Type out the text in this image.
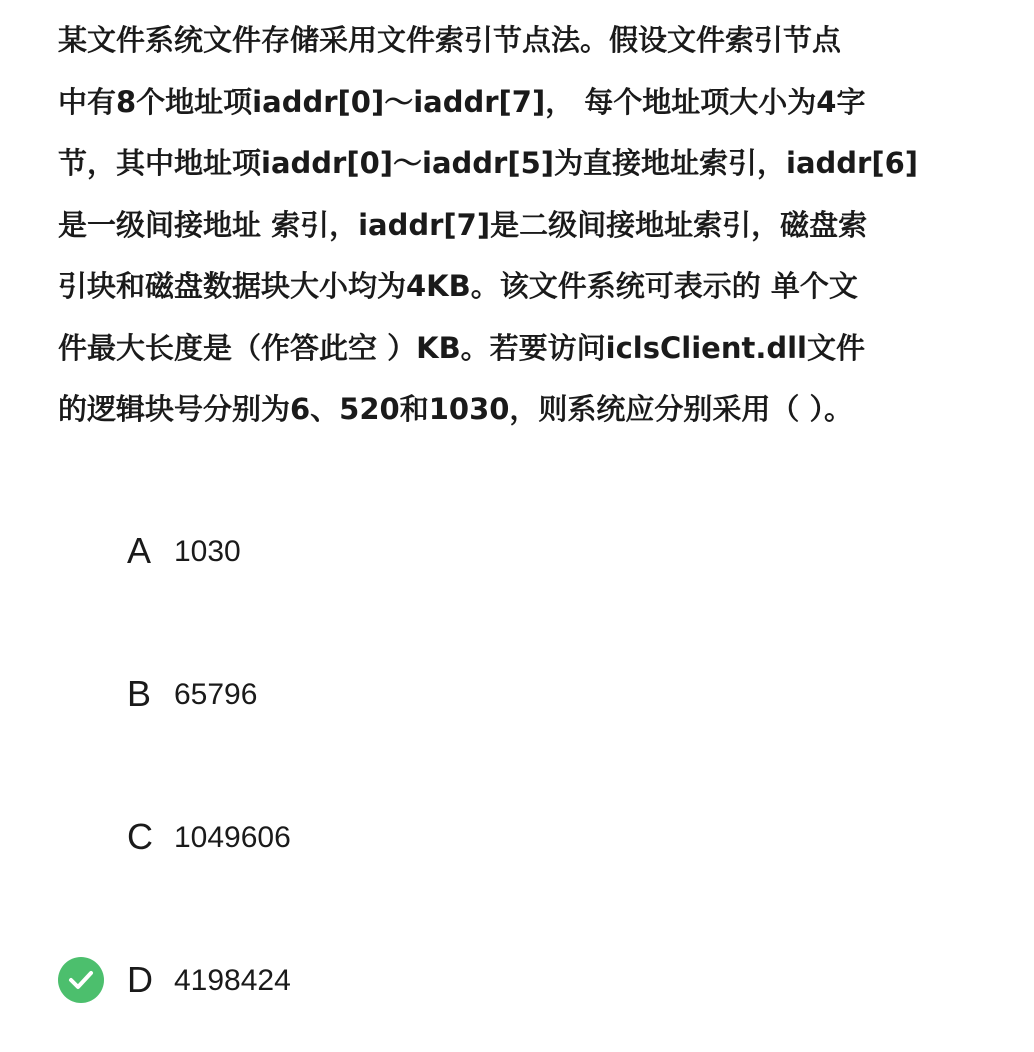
某文件系统文件存储采用文件索引节点法。假设文件索引节点
中有8个地址项iaddr[0]～iaddr[7]， 每个地址项大小为4字
节，其中地址项iaddr[0]～iaddr[5]为直接地址索引，iaddr[6]
是一级间接地址 索引，iaddr[7]是二级间接地址索引，磁盘索
引块和磁盘数据块大小均为4KB。该文件系统可表示的 单个文
件最大长度是（作答此空 ）KB。若要访问iclsClient.dll文件
的逻辑块号分别为6、520和1030，则系统应分别采用（ ）。
A 1030
B 65796
C 1049606
D 4198424
